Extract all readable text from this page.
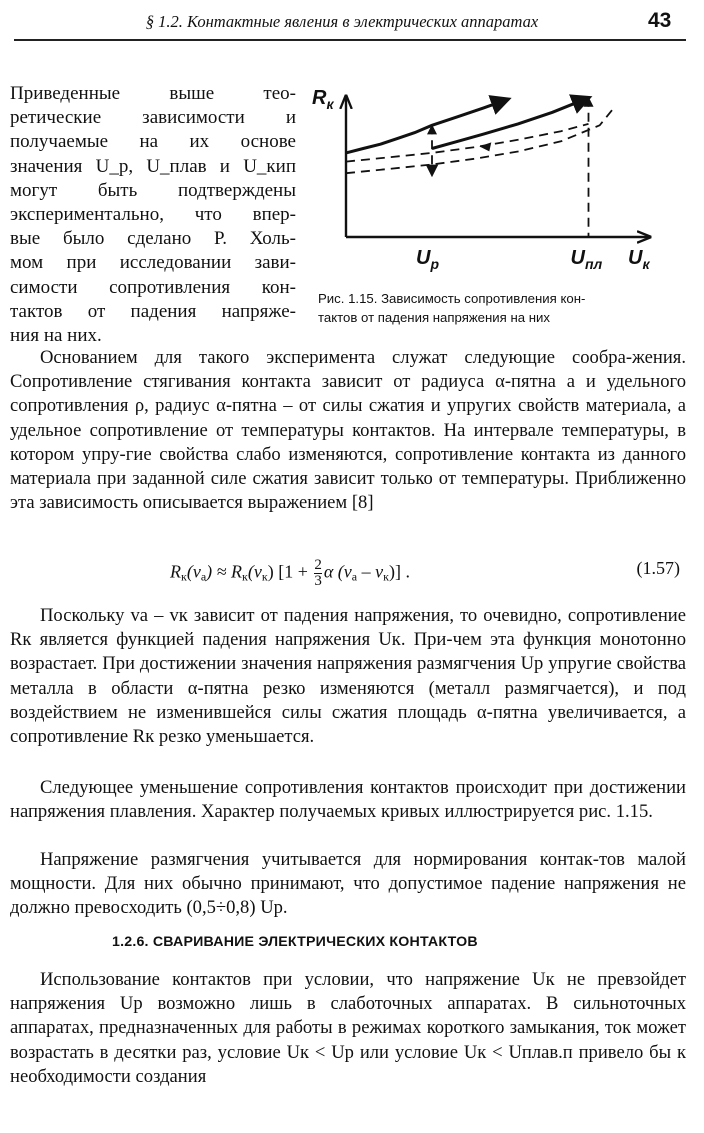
§ 1.2. Контактные явления в электрических аппаратах	43
Приведенные выше тео-
ретические зависимости и
получаемые на их основе
значения U_р, U_плав и U_кип
могут быть подтверждены
экспериментально, что впер-
вые было сделано Р. Холь-
мом при исследовании зави-
симости сопротивления кон-
тактов от падения напряже-
ния на них.
$R_к$
$U_р$	$U_{пл}$ $U_к$
Рис. 1.15. Зависимость сопротивления кон-
тактов от падения напряжения на них
Основанием для такого эксперимента служат следующие сообра-жения. Сопротивление стягивания контакта зависит от радиуса α-пятна а и удельного сопротивления ρ, радиус α-пятна – от силы сжатия и упругих свойств материала, а удельное сопротивление от температуры контактов. На интервале температуры, в котором упру-гие свойства слабо изменяются, сопротивление контакта из данного материала при заданной силе сжатия зависит только от температуры. Приближенно эта зависимость описывается выражением [8]
$R_к(v_а) \approx R_к(v_к) [1 + \frac{2}{3}$ α $(v_а - v_к)$] .	(1.57)
Поскольку vа – vк зависит от падения напряжения, то очевидно, сопротивление Rк является функцией падения напряжения Uк. При-чем эта функция монотонно возрастает. При достижении значения напряжения размягчения Uр упругие свойства металла в области α-пятна резко изменяются (металл размягчается), и под воздействием не изменившейся силы сжатия площадь α-пятна увеличивается, а сопротивление Rк резко уменьшается.
Следующее уменьшение сопротивления контактов происходит при достижении напряжения плавления. Характер получаемых кривых иллюстрируется рис. 1.15.
Напряжение размягчения учитывается для нормирования контак-тов малой мощности. Для них обычно принимают, что допустимое падение напряжения не должно превосходить (0,5÷0,8) Uр.
1.2.6. СВАРИВАНИЕ ЭЛЕКТРИЧЕСКИХ КОНТАКТОВ
Использование контактов при условии, что напряжение Uк не превзойдет напряжения Uр возможно лишь в слаботочных аппаратах. В сильноточных аппаратах, предназначенных для работы в режимах короткого замыкания, ток может возрастать в десятки раз, условие Uк < Uр или условие Uк < Uплав.п привело бы к необходимости создания
